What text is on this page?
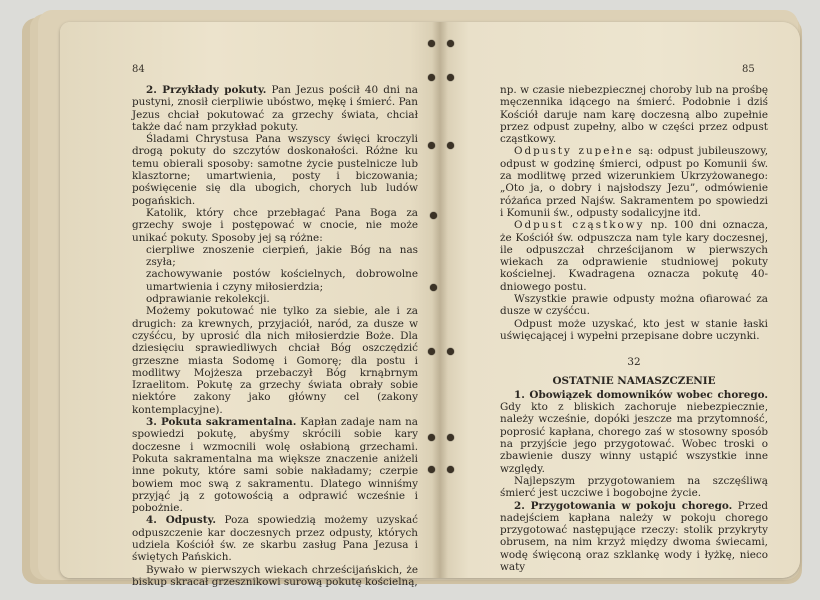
84

2. Przykłady pokuty. Pan Jezus pościł 40 dni na pustyni, znosił cierpliwie ubóstwo, mękę i śmierć. Pan Jezus chciał pokutować za grzechy świata, chciał także dać nam przykład pokuty.

Śladami Chrystusa Pana wszyscy święci kroczyli drogą pokuty do szczytów doskonałości. Różne ku temu obierali sposoby: samotne życie pustelnicze lub klasztorne; umartwienia, posty i biczowania; poświęcenie się dla ubogich, chorych lub ludów pogańskich.

Katolik, który chce przebłagać Pana Boga za grzechy swoje i postępować w cnocie, nie może unikać pokuty. Sposoby jej są różne:

cierpliwe znoszenie cierpień, jakie Bóg na nas zsyła;

zachowywanie postów kościelnych, dobrowolne umartwienia i czyny miłosierdzia;

odprawianie rekolekcji.

Możemy pokutować nie tylko za siebie, ale i za drugich: za krewnych, przyjaciół, naród, za dusze w czyśćcu, by uprosić dla nich miłosierdzie Boże. Dla dziesięciu sprawiedliwych chciał Bóg oszczędzić grzeszne miasta Sodomę i Gomorę; dla postu i modlitwy Mojżesza przebaczył Bóg krnąbrnym Izraelitom. Pokutę za grzechy świata obrały sobie niektóre zakony jako główny cel (zakony kontemplacyjne).

3. Pokuta sakramentalna. Kapłan zadaje nam na spowiedzi pokutę, abyśmy skrócili sobie kary doczesne i wzmocnili wolę osłabioną grzechami. Pokuta sakramentalna ma większe znaczenie aniżeli inne pokuty, które sami sobie nakładamy; czerpie bowiem moc swą z sakramentu. Dlatego winniśmy przyjąć ją z gotowością a odprawić wcześnie i pobożnie.

4. Odpusty. Poza spowiedzią możemy uzyskać odpuszczenie kar doczesnych przez odpusty, których udziela Kościół św. ze skarbu zasług Pana Jezusa i świętych Pańskich.

Bywało w pierwszych wiekach chrześcijańskich, że biskup skracał grzesznikowi surową pokutę kościelną,

85

np. w czasie niebezpiecznej choroby lub na prośbę męczennika idącego na śmierć. Podobnie i dziś Kościół daruje nam karę doczesną albo zupełnie przez odpust zupełny, albo w części przez odpust cząstkowy.

Odpusty zupełne są: odpust jubileuszowy, odpust w godzinę śmierci, odpust po Komunii św. za modlitwę przed wizerunkiem Ukrzyżowanego: „Oto ja, o dobry i najsłodszy Jezu”, odmówienie różańca przed Najśw. Sakramentem po spowiedzi i Komunii św., odpusty sodalicyjne itd.

Odpust cząstkowy np. 100 dni oznacza, że Kościół św. odpuszcza nam tyle kary doczesnej, ile odpuszczał chrześcijanom w pierwszych wiekach za odprawienie studniowej pokuty kościelnej. Kwadragena oznacza pokutę 40-dniowego postu.

Wszystkie prawie odpusty można ofiarować za dusze w czyśćcu.

Odpust może uzyskać, kto jest w stanie łaski uświęcającej i wypełni przepisane dobre uczynki.

32

OSTATNIE NAMASZCZENIE

1. Obowiązek domowników wobec chorego. Gdy kto z bliskich zachoruje niebezpiecznie, należy wcześnie, dopóki jeszcze ma przytomność, poprosić kapłana, chorego zaś w stosowny sposób na przyjście jego przygotować. Wobec troski o zbawienie duszy winny ustąpić wszystkie inne względy.

Najlepszym przygotowaniem na szczęśliwą śmierć jest uczciwe i bogobojne życie.

2. Przygotowania w pokoju chorego. Przed nadejściem kapłana należy w pokoju chorego przygotować następujące rzeczy: stolik przykryty obrusem, na nim krzyż między dwoma świecami, wodę święconą oraz szklankę wody i łyżkę, nieco waty
